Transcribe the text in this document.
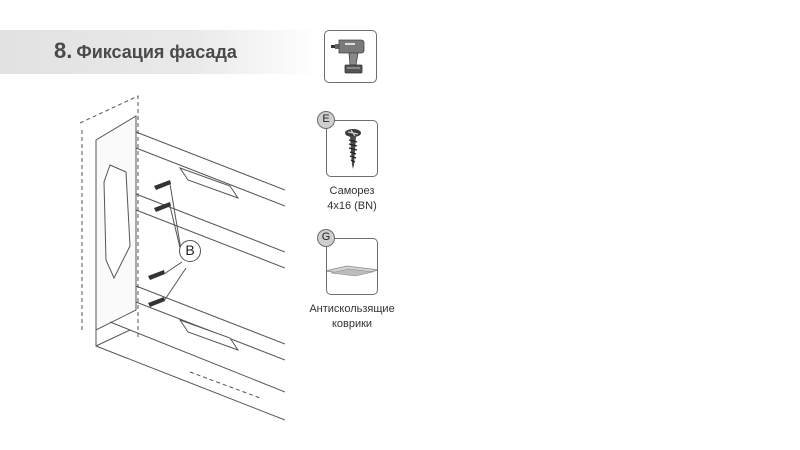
8. Фиксация фасада
E
Саморез
4x16 (BN)
G
Антискользящие
коврики
B
